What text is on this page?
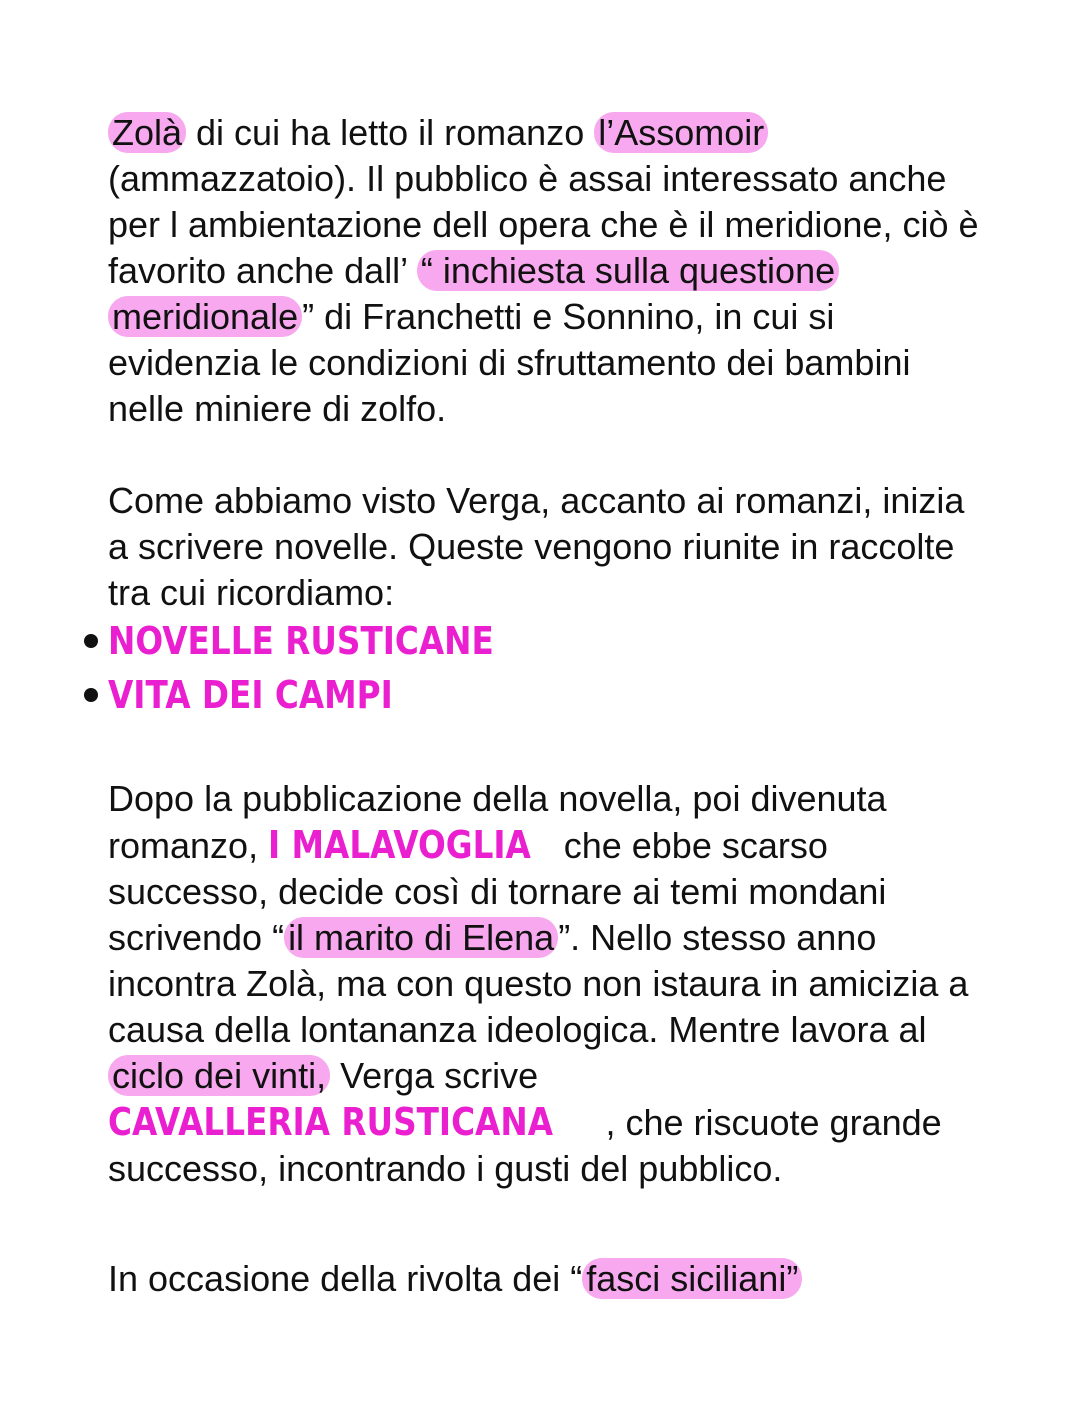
Zolà di cui ha letto il romanzo l’Assomoir (ammazzatoio). Il pubblico è assai interessato anche per l ambientazione dell opera che è il meridione, ciò è favorito anche dall’ “ inchiesta sulla questione meridionale ” di Franchetti e Sonnino, in cui si evidenzia le condizioni di sfruttamento dei bambini nelle miniere di zolfo.

Come abbiamo visto Verga, accanto ai romanzi, inizia a scrivere novelle. Queste vengono riunite in raccolte tra cui ricordiamo:

NOVELLE RUSTICANE
VITA DEI CAMPI

Dopo la pubblicazione della novella, poi divenuta romanzo, I MALAVOGLIA che ebbe scarso successo, decide così di tornare ai temi mondani scrivendo “ il marito di Elena ”. Nello stesso anno incontra Zolà, ma con questo non istaura in amicizia a causa della lontananza ideologica. Mentre lavora al ciclo dei vinti, Verga scrive CAVALLERIA RUSTICANA , che riscuote grande successo, incontrando i gusti del pubblico.

In occasione della rivolta dei “ fasci siciliani”
